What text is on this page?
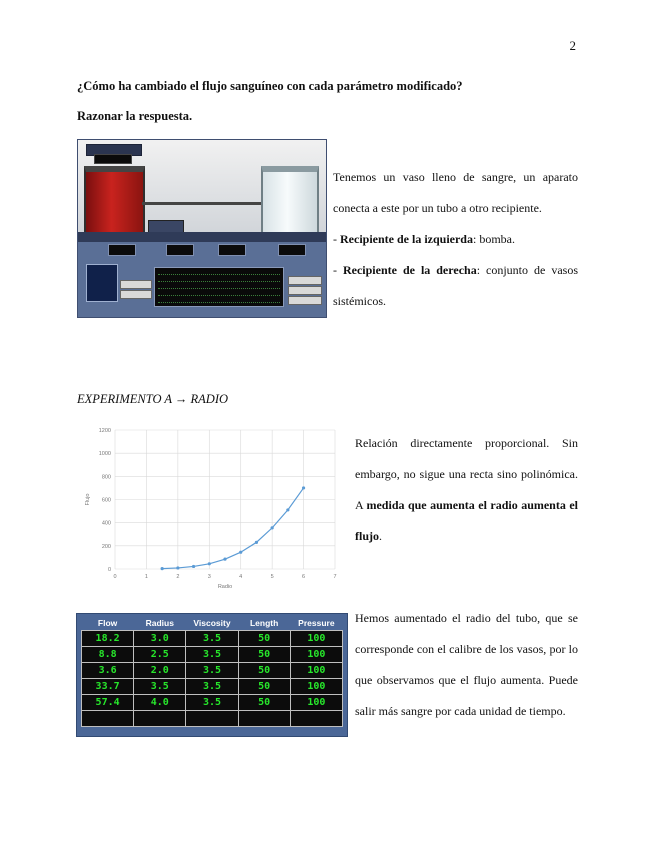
2
¿Cómo ha cambiado el flujo sanguíneo con cada parámetro modificado?
Razonar la respuesta.

Tenemos un vaso lleno de sangre, un aparato conecta a este por un tubo a otro recipiente.

- Recipiente de la izquierda: bomba.

- Recipiente de la derecha: conjunto de vasos sistémicos.

EXPERIMENTO A → RADIO
0
200
400
600
800
1000
1200
0	1	2	3	4	5	6	7
Radio
Flujo

Relación directamente proporcional. Sin embargo, no sigue una recta sino polinómica. A medida que aumenta el radio aumenta el flujo.

Flow	Radius	Viscosity	Length	Pressure
18.2	3.0	3.5	50	100
8.8	2.5	3.5	50	100
3.6	2.0	3.5	50	100
33.7	3.5	3.5	50	100
57.4	4.0	3.5	50	100

Hemos aumentado el radio del tubo, que se corresponde con el calibre de los vasos, por lo que observamos que el flujo aumenta. Puede salir más sangre por cada unidad de tiempo.
